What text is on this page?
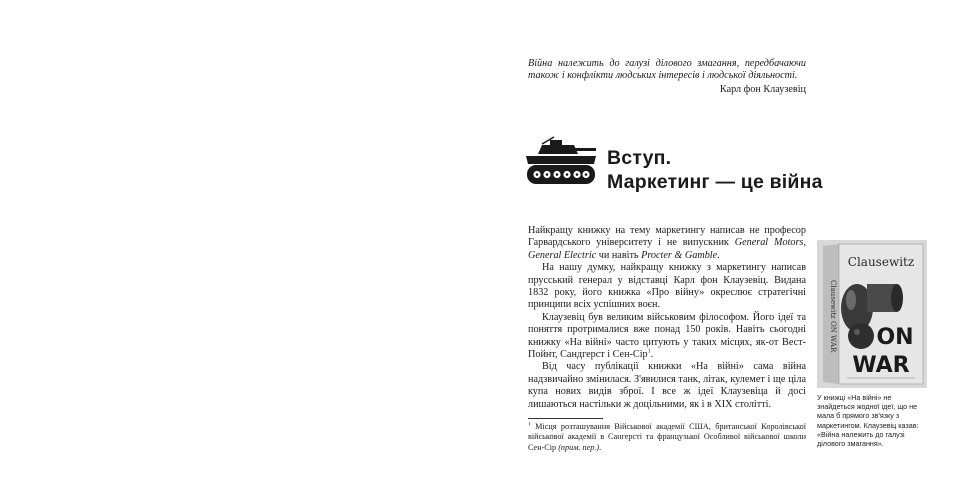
Війна належить до галузі ділового змагання, передбачаючи також і конфлікти людських інтересів і людської діяльності.
Карл фон Клаузевіц
Вступ.
Маркетинг — це війна

Найкращу книжку на тему маркетингу написав не професор Гарвардського університету і не випускник General Motors, General Electric чи навіть Procter & Gamble.

На нашу думку, найкращу книжку з маркетингу написав прусський генерал у відставці Карл фон Клаузевіц. Видана 1832 року, його книжка «Про війну» окреслює стратегічні принципи всіх успішних воєн.

Клаузевіц був великим військовим філософом. Його ідеї та поняття протрималися вже понад 150 років. Навіть сьогодні книжку «На війні» часто цитують у таких місцях, як-от Вест-Пойнт, Сандгерст і Сен-Сір$^1$.

Від часу публікації книжки «На війні» сама війна надзвичайно змінилася. З'явилися танк, літак, кулемет і ще ціла купа нових видів зброї. І все ж ідеї Клаузевіца й досі лишаються настільки ж доцільними, як і в XIX столітті.

$^1$ Місця розташування Військової академії США, британської Королівської військової академії в Сангерсті та французької Особливої військової школи Сен-Сір (прим. пер.).
Clausewitz ON WAR
Clausewitz
ON
WAR
У книжці «На війні» не знайдеться жодної ідеї, що не мала б прямого зв'язку з маркетингом. Клаузевіц казав: «Війна належить до галузі ділового змагання».
